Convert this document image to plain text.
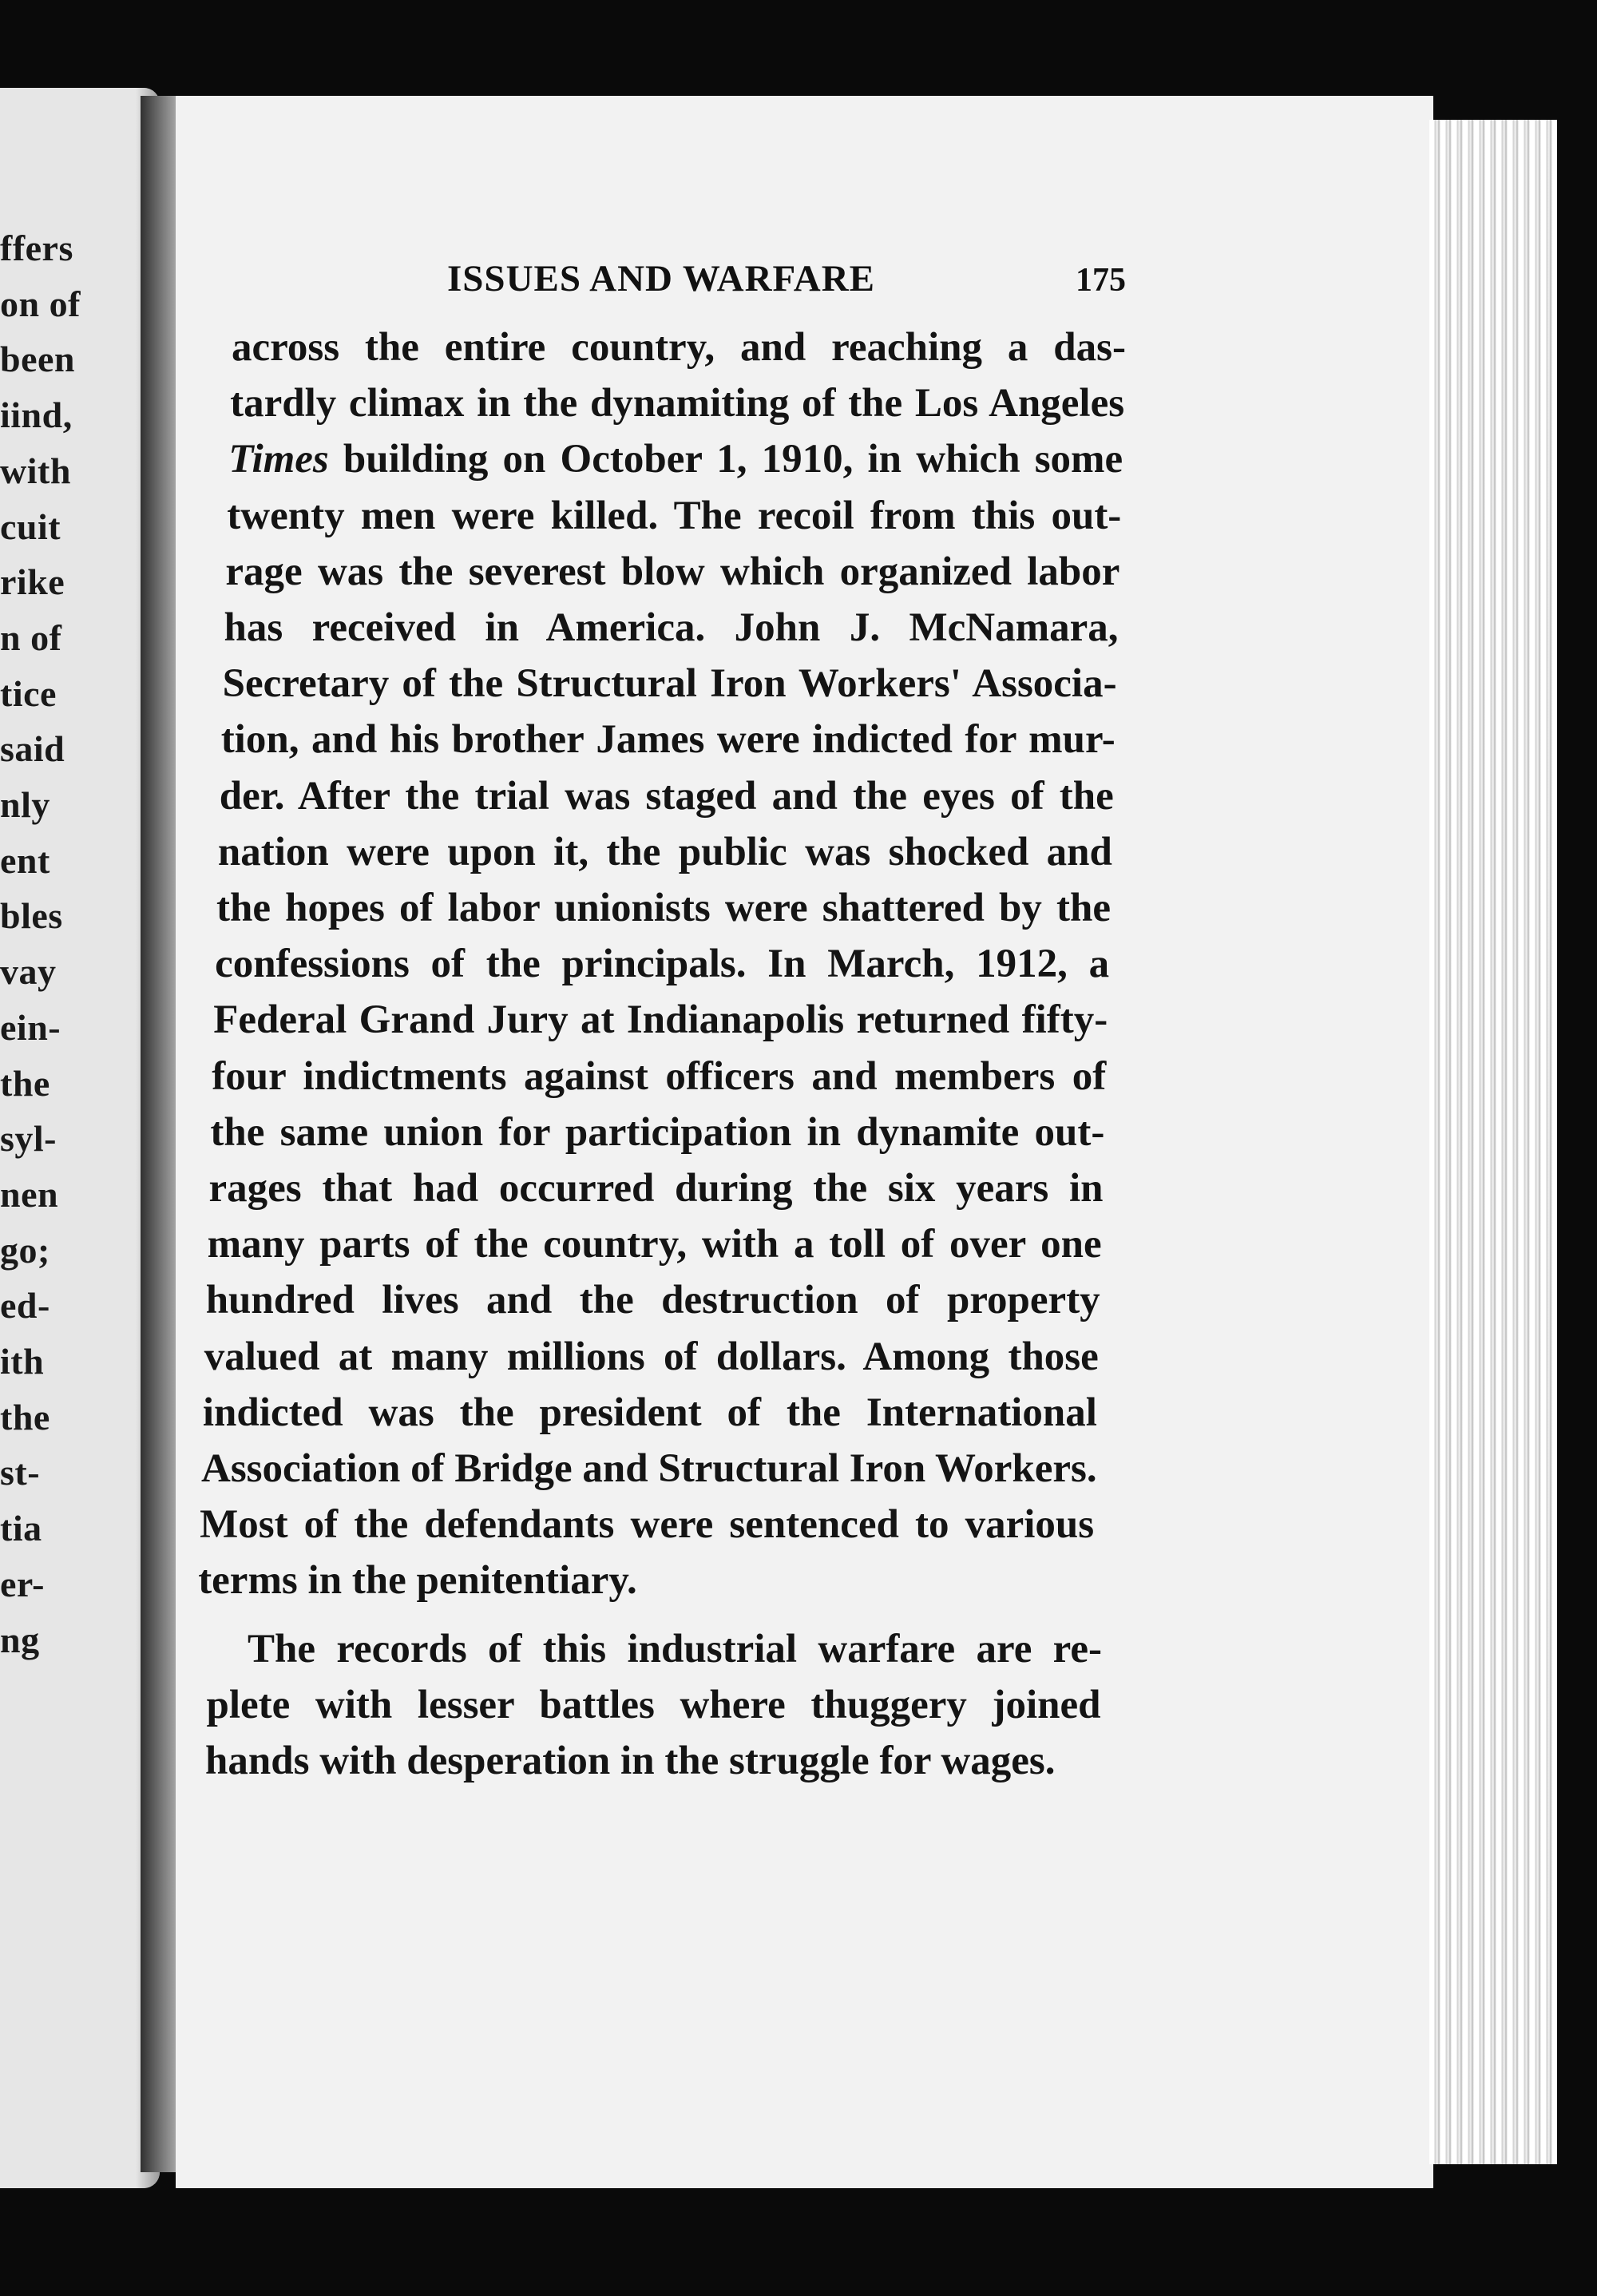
ffers
on of
been
iind,
with
cuit
rike
n of
tice
said
nly
ent
bles
vay
ein-
the
syl-
nen
go;
ed-
ith
the
st-
tia
er-
ng
ISSUES AND WARFARE	175
across the entire country, and reaching a das-
tardly climax in the dynamiting of the Los Angeles
Times building on October 1, 1910, in which some
twenty men were killed. The recoil from this out-
rage was the severest blow which organized labor
has received in America. John J. McNamara,
Secretary of the Structural Iron Workers' Associa-
tion, and his brother James were indicted for mur-
der. After the trial was staged and the eyes of the
nation were upon it, the public was shocked and
the hopes of labor unionists were shattered by the
confessions of the principals. In March, 1912, a
Federal Grand Jury at Indianapolis returned fifty-
four indictments against officers and members of
the same union for participation in dynamite out-
rages that had occurred during the six years in
many parts of the country, with a toll of over one
hundred lives and the destruction of property
valued at many millions of dollars. Among those
indicted was the president of the International
Association of Bridge and Structural Iron Workers.
Most of the defendants were sentenced to various
terms in the penitentiary.
The records of this industrial warfare are re-
plete with lesser battles where thuggery joined
hands with desperation in the struggle for wages.
